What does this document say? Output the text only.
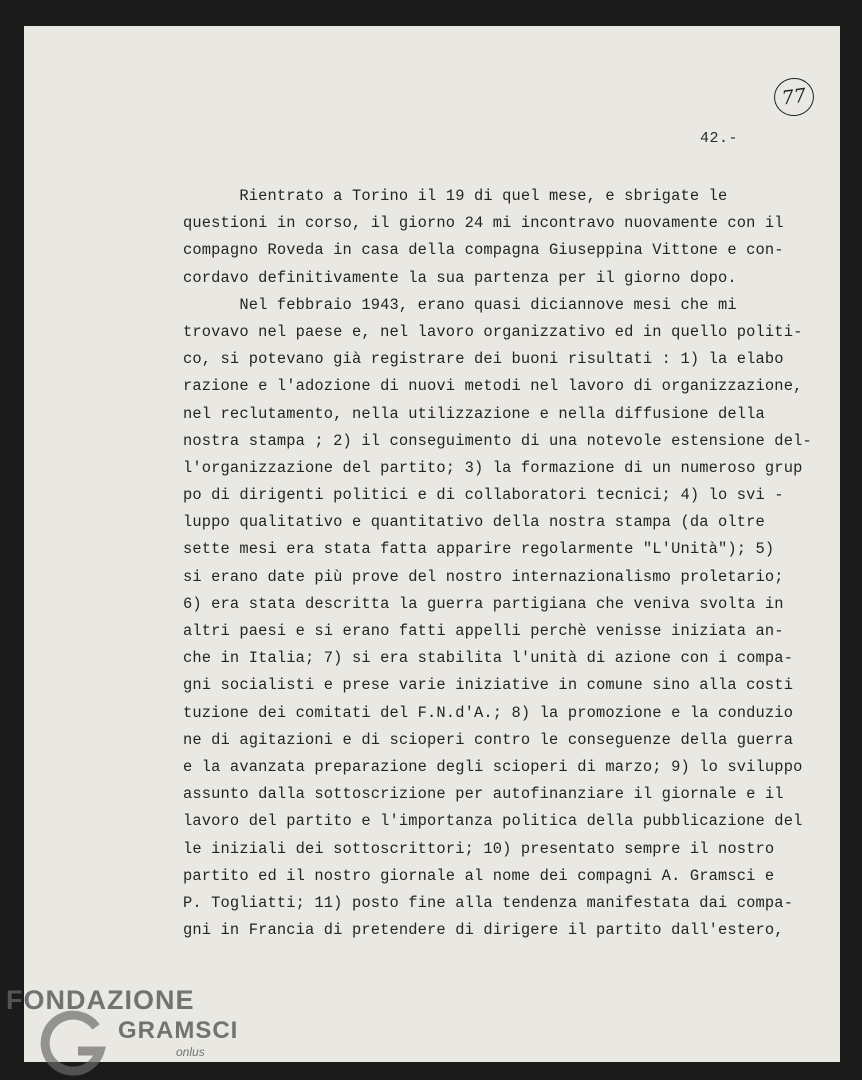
77
42.-
Rientrato a Torino il 19 di quel mese, e sbrigate le
questioni in corso, il giorno 24 mi incontravo nuovamente con il
compagno Roveda in casa della compagna Giuseppina Vittone e con-
cordavo definitivamente la sua partenza per il giorno dopo.
Nel febbraio 1943, erano quasi diciannove mesi che mi
trovavo nel paese e, nel lavoro organizzativo ed in quello politi-
co, si potevano già registrare dei buoni risultati : 1) la elabo
razione e l'adozione di nuovi metodi nel lavoro di organizzazione,
nel reclutamento, nella utilizzazione e nella diffusione della
nostra stampa ; 2) il conseguimento di una notevole estensione del-
l'organizzazione del partito; 3) la formazione di un numeroso grup
po di dirigenti politici e di collaboratori tecnici; 4) lo svi -
luppo qualitativo e quantitativo della nostra stampa (da oltre
sette mesi era stata fatta apparire regolarmente "L'Unità"); 5)
si erano date più prove del nostro internazionalismo proletario;
6) era stata descritta la guerra partigiana che veniva svolta in
altri paesi e si erano fatti appelli perchè venisse iniziata an-
che in Italia; 7) si era stabilita l'unità di azione con i compa-
gni socialisti e prese varie iniziative in comune sino alla costi
tuzione dei comitati del F.N.d'A.; 8) la promozione e la conduzio
ne di agitazioni e di scioperi contro le conseguenze della guerra
e la avanzata preparazione degli scioperi di marzo; 9) lo sviluppo
assunto dalla sottoscrizione per autofinanziare il giornale e il
lavoro del partito e l'importanza politica della pubblicazione del
le iniziali dei sottoscrittori; 10) presentato sempre il nostro
partito ed il nostro giornale al nome dei compagni A. Gramsci e
P. Togliatti; 11) posto fine alla tendenza manifestata dai compa-
gni in Francia di pretendere di dirigere il partito dall'estero,
FONDAZIONE
GRAMSCI
onlus
